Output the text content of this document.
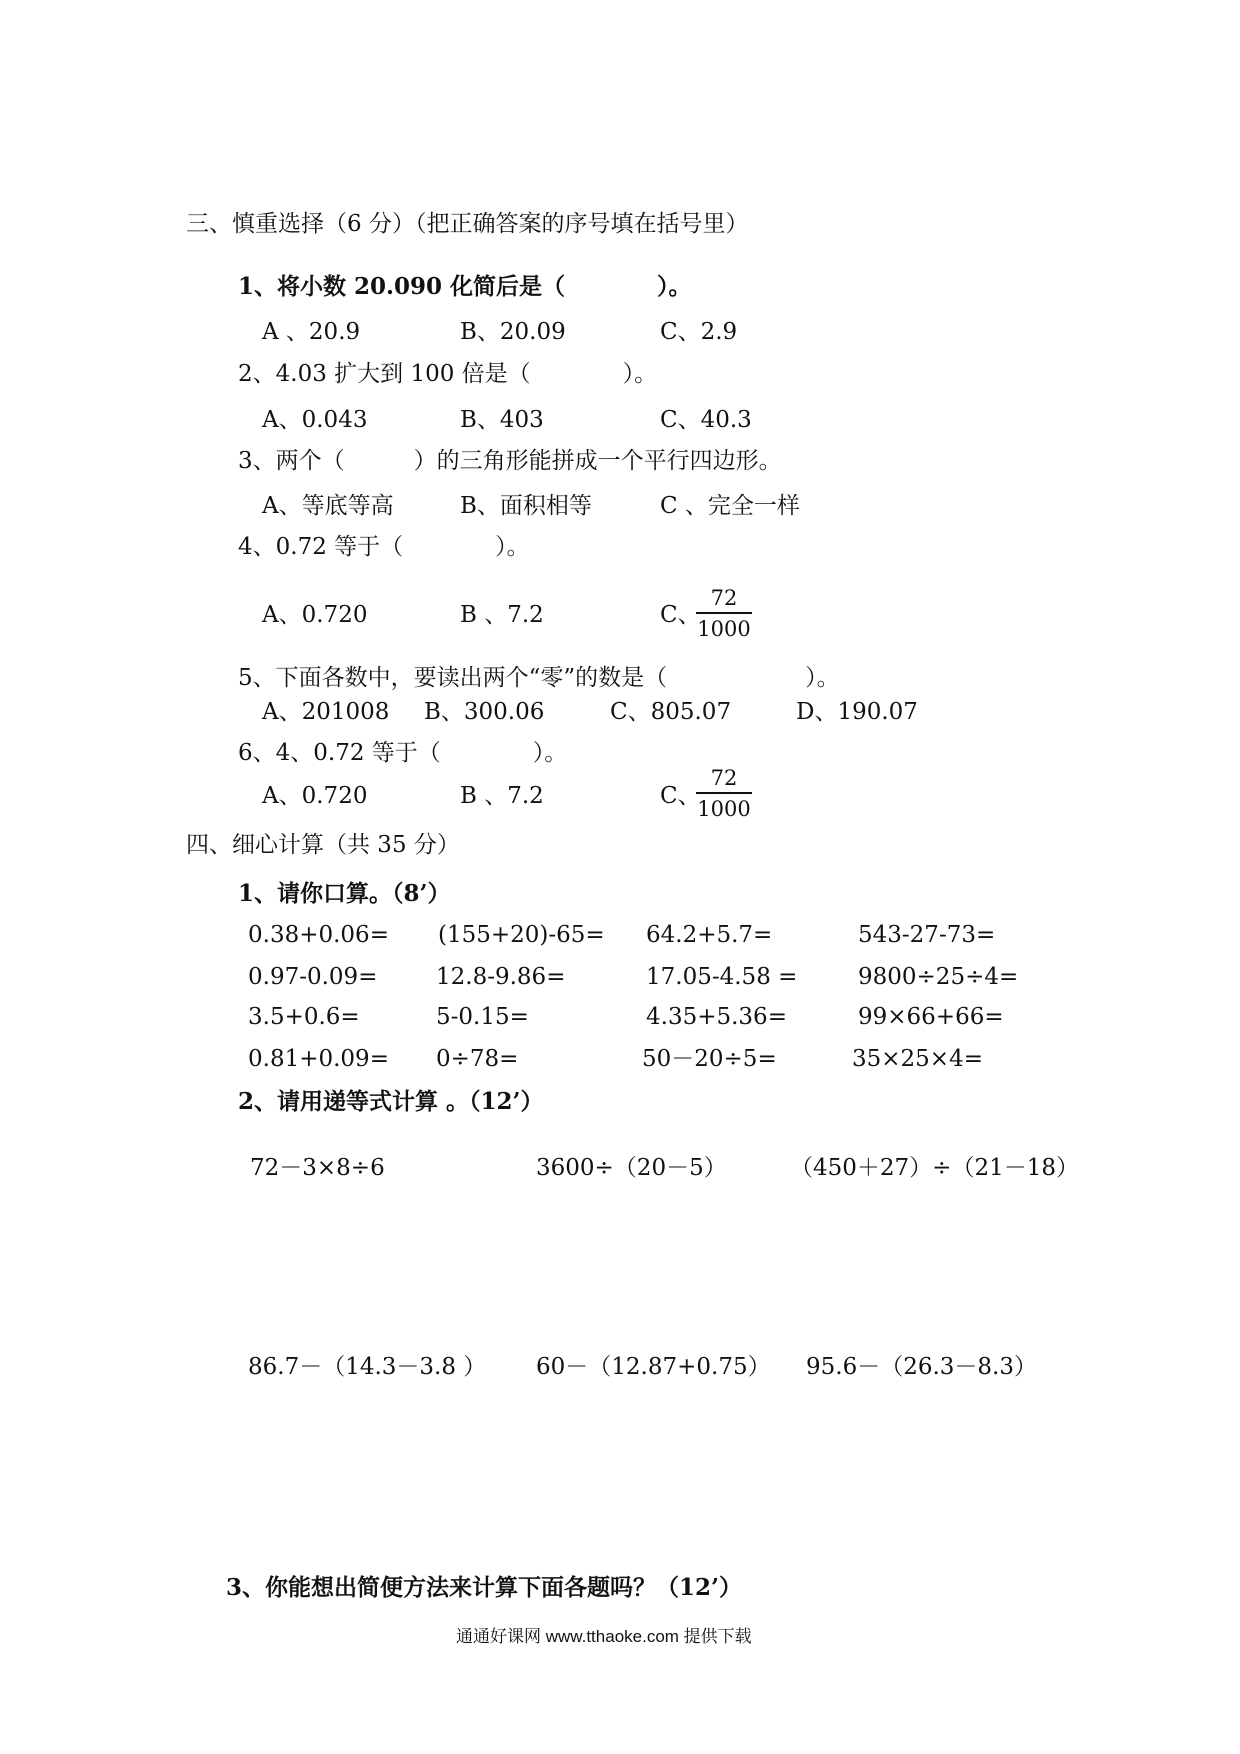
三、慎重选择（6 分）（把正确答案的序号填在括号里）
1、将小数 20.090 化简后是（　　　　）。
A 、20.9	B、20.09	C、2.9
2、4.03 扩大到 100 倍是（　　　　）。
A、0.043	B、403	C、40.3
3、两个（　　　）的三角形能拼成一个平行四边形。
A、等底等高	B、面积相等	C 、完全一样
4、0.72 等于（　　　　）。
A、0.720	B 、7.2	C、
72
1000
5、下面各数中，要读出两个“零”的数是（　　　　　　）。
A、201008 B、300.06	C、805.07	D、190.07
6、4、0.72 等于（　　　　）。
A、0.720	B 、7.2	C、
72
1000
四、细心计算（共 35 分）
1、请你口算。（8’）
0.38+0.06= (155+20)-65= 64.2+5.7=	543-27-73=
0.97-0.09=	12.8-9.86=	17.05-4.58 =	9800÷25÷4=
3.5+0.6=	5-0.15=	4.35+5.36=	99×66+66=
0.81+0.09= 0÷78=	50－20÷5=	35×25×4=
2、请用递等式计算 。（12’）
72－3×8÷6	3600÷（20－5）	（450＋27）÷（21－18）
86.7－（14.3－3.8 ） 60－（12.87+0.75） 95.6－（26.3－8.3）
3、你能想出简便方法来计算下面各题吗？（12’）
通通好课网 www.tthaoke.com 提供下载
